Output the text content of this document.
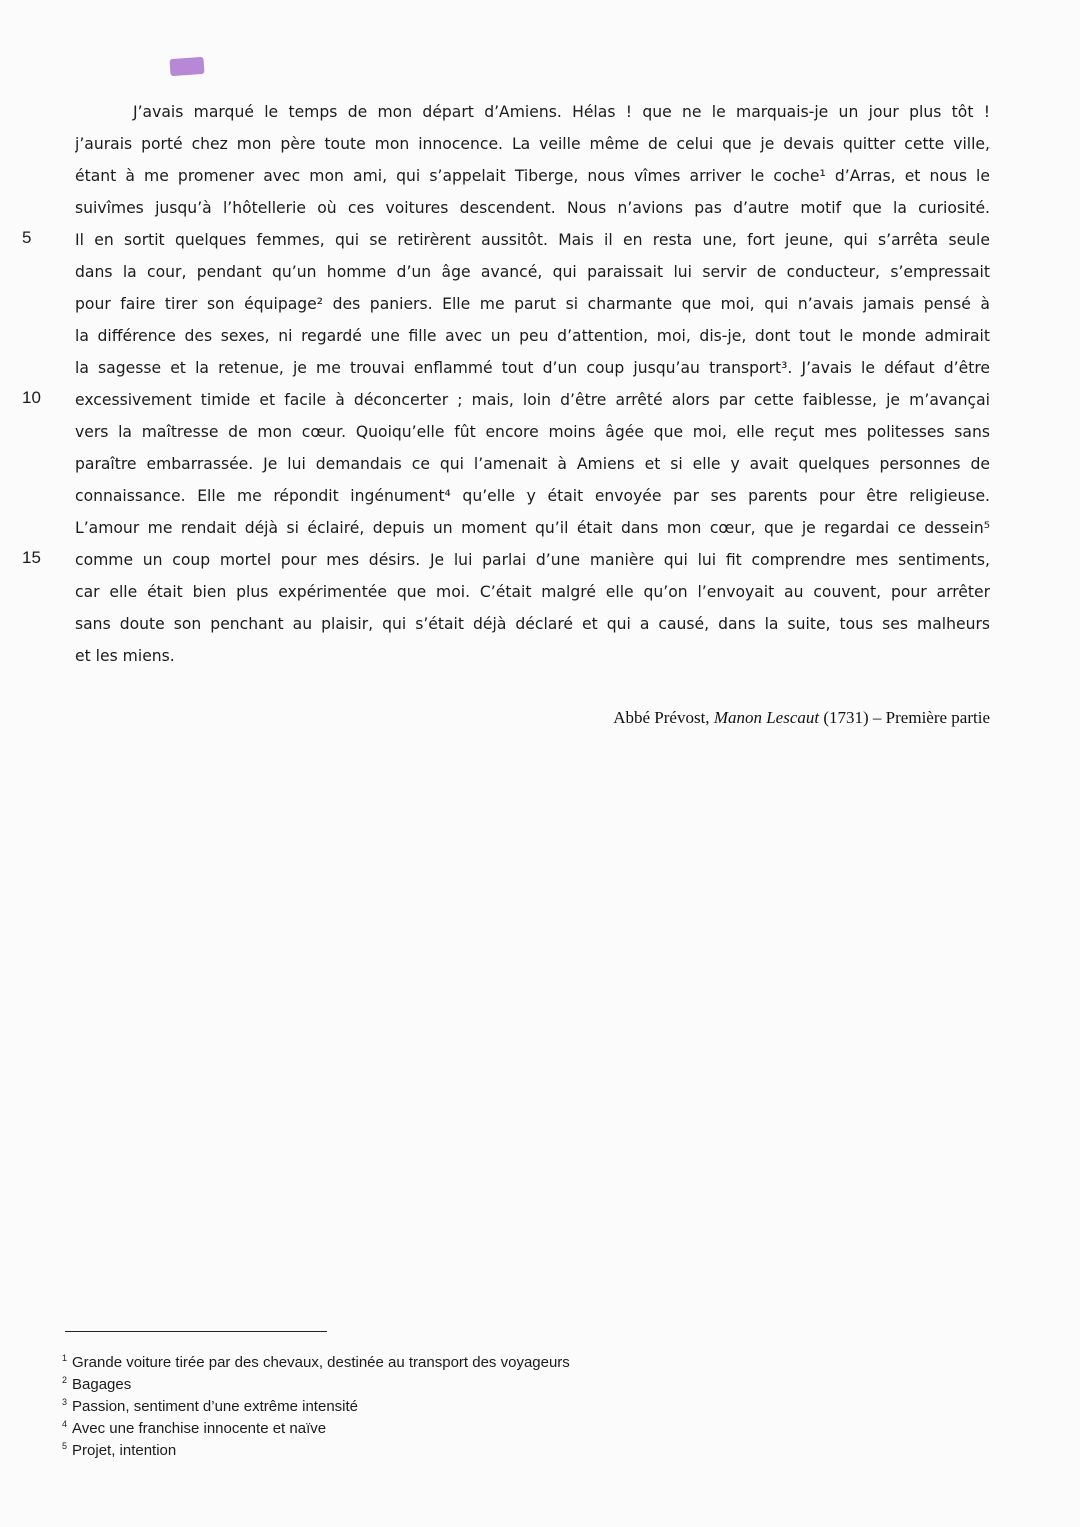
5
10
15
J’avais marqué le temps de mon départ d’Amiens. Hélas ! que ne le marquais-je un jour plus tôt !
j’aurais porté chez mon père toute mon innocence. La veille même de celui que je devais quitter cette ville,
étant à me promener avec mon ami, qui s’appelait Tiberge, nous vîmes arriver le coche¹ d’Arras, et nous le
suivîmes jusqu’à l’hôtellerie où ces voitures descendent. Nous n’avions pas d’autre motif que la curiosité.
Il en sortit quelques femmes, qui se retirèrent aussitôt. Mais il en resta une, fort jeune, qui s’arrêta seule
dans la cour, pendant qu’un homme d’un âge avancé, qui paraissait lui servir de conducteur, s’empressait
pour faire tirer son équipage² des paniers. Elle me parut si charmante que moi, qui n’avais jamais pensé à
la différence des sexes, ni regardé une fille avec un peu d’attention, moi, dis-je, dont tout le monde admirait
la sagesse et la retenue, je me trouvai enflammé tout d’un coup jusqu’au transport³. J’avais le défaut d’être
excessivement timide et facile à déconcerter ; mais, loin d’être arrêté alors par cette faiblesse, je m’avançai
vers la maîtresse de mon cœur. Quoiqu’elle fût encore moins âgée que moi, elle reçut mes politesses sans
paraître embarrassée. Je lui demandais ce qui l’amenait à Amiens et si elle y avait quelques personnes de
connaissance. Elle me répondit ingénument⁴ qu’elle y était envoyée par ses parents pour être religieuse.
L’amour me rendait déjà si éclairé, depuis un moment qu’il était dans mon cœur, que je regardai ce dessein⁵
comme un coup mortel pour mes désirs. Je lui parlai d’une manière qui lui fit comprendre mes sentiments,
car elle était bien plus expérimentée que moi. C’était malgré elle qu’on l’envoyait au couvent, pour arrêter
sans doute son penchant au plaisir, qui s’était déjà déclaré et qui a causé, dans la suite, tous ses malheurs
et les miens.
Abbé Prévost, Manon Lescaut (1731) – Première partie
$^1$ Grande voiture tirée par des chevaux, destinée au transport des voyageurs
$^2$ Bagages
$^3$ Passion, sentiment d’une extrême intensité
$^4$ Avec une franchise innocente et naïve
$^5$ Projet, intention
